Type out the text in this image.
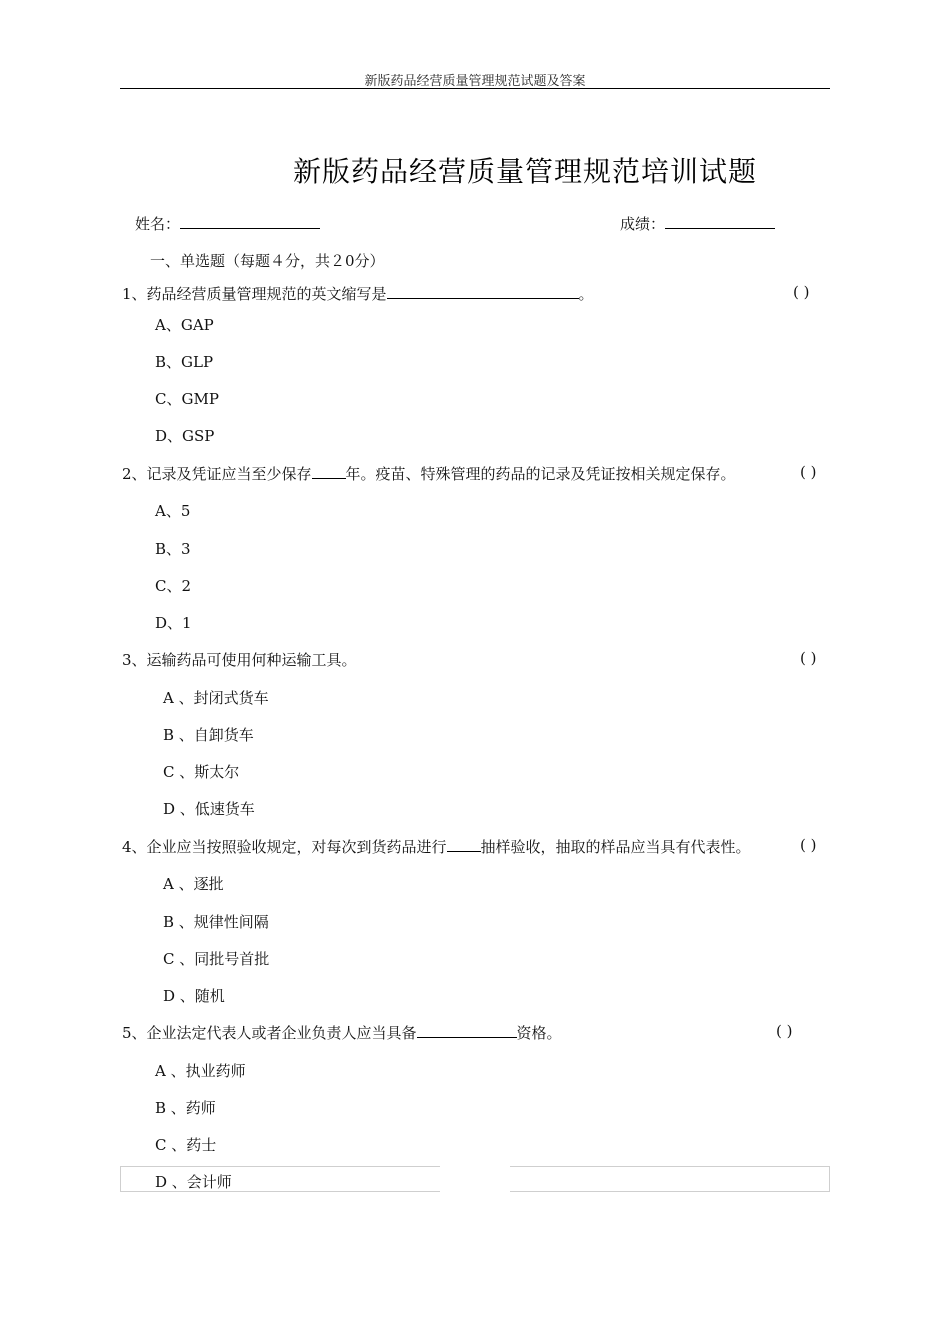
新版药品经营质量管理规范试题及答案
新版药品经营质量管理规范培训试题
姓名：	成绩：
一、单选题（每题４分，共２0分）
1、药品经营质量管理规范的英文缩写是	。	( )
A、GAP
B、GLP
C、GMP
D、GSP
2、记录及凭证应当至少保存 年。疫苗、特殊管理的药品的记录及凭证按相关规定保存。	( )
A、5
B、3
C、2
D、1
3、运输药品可使用何种运输工具。	( )
A 、封闭式货车
B 、自卸货车
C 、斯太尔
D 、低速货车
4、企业应当按照验收规定，对每次到货药品进行 抽样验收，抽取的样品应当具有代表性。	( )
A 、逐批
B 、规律性间隔
C 、同批号首批
D 、随机
5、企业法定代表人或者企业负责人应当具备	资格。	( )
A 、执业药师
B 、药师
C 、药士
D 、会计师
